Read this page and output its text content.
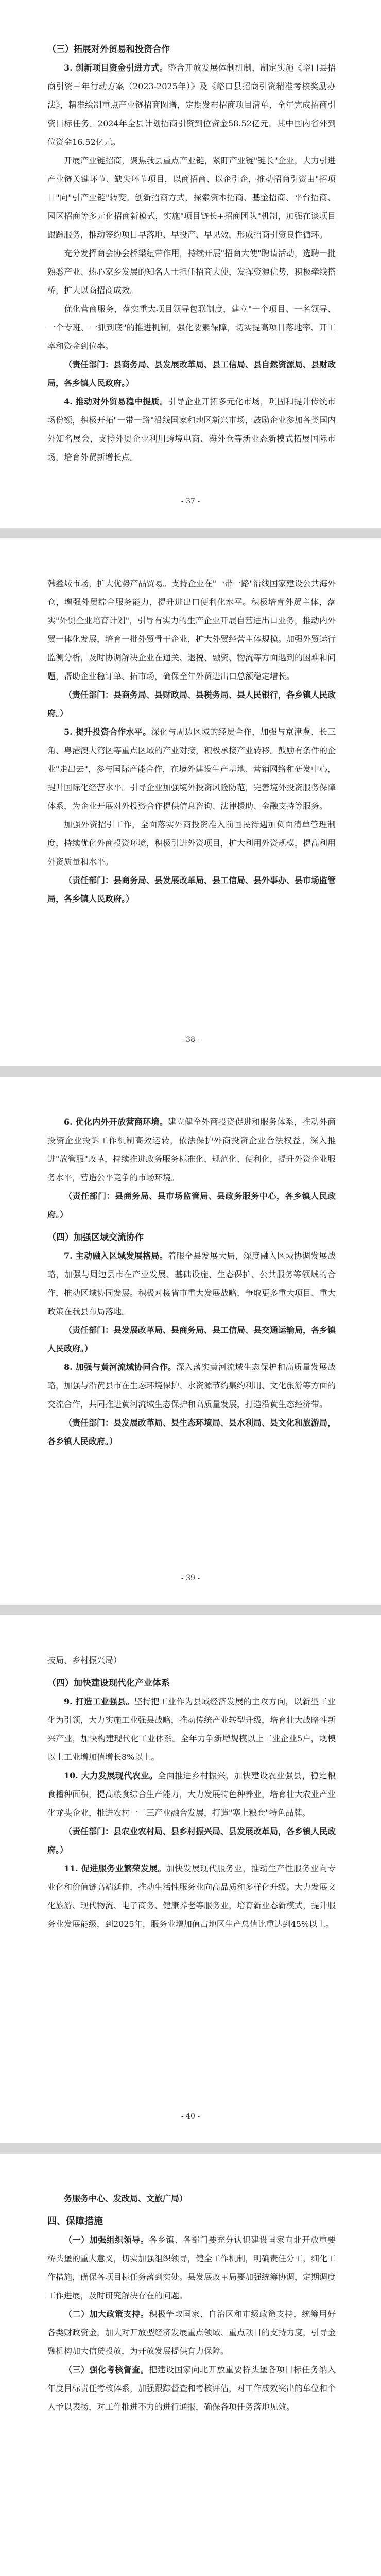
（三）拓展对外贸易和投资合作

3. 创新项目资金引进方式。整合开放发展体制机制，制定实施《峪口县招商引资三年行动方案（2023-2025年）》及《峪口县招商引资精准考核奖励办法》，精准绘制重点产业链招商图谱，定期发布招商项目清单，全年完成招商引资目标任务。2024年全县计划招商引资到位资金58.52亿元，其中国内省外到位资金16.52亿元。

开展产业链招商，聚焦我县重点产业链，紧盯产业链"链长"企业，大力引进产业链关键环节、缺失环节项目，以商招商、以企引企，推动招商引资由"招项目"向"引产业链"转变。创新招商方式，探索资本招商、基金招商、平台招商、园区招商等多元化招商新模式，实施"项目链长+招商团队"机制，加强在谈项目跟踪服务，推动签约项目早落地、早投产、早见效，形成招商引资良性循环。

充分发挥商会协会桥梁纽带作用，持续开展"招商大使"聘请活动，选聘一批熟悉产业、热心家乡发展的知名人士担任招商大使，发挥资源优势，积极牵线搭桥，扩大以商招商成效。

优化营商服务，落实重大项目领导包联制度，建立"一个项目、一名领导、一个专班、一抓到底"的推进机制，强化要素保障，切实提高项目落地率、开工率和资金到位率。

（责任部门：县商务局、县发展改革局、县工信局、县自然资源局、县财政局，各乡镇人民政府。）

4. 推动对外贸易稳中提质。引导企业开拓多元化市场，巩固和提升传统市场份额，积极开拓"一带一路"沿线国家和地区新兴市场，鼓励企业参加各类国内外知名展会，支持外贸企业利用跨境电商、海外仓等新业态新模式拓展国际市场，培育外贸新增长点。

- 37 -

韩鑫城市场，扩大优势产品贸易。支持企业在"一带一路"沿线国家建设公共海外仓，增强外贸综合服务能力，提升进出口便利化水平。积极培育外贸主体，落实"外贸企业培育计划"，引导有实力的生产企业开展自营进出口业务，推动内外贸一体化发展，培育一批外贸骨干企业，扩大外贸经营主体规模。加强外贸运行监测分析，及时协调解决企业在通关、退税、融资、物流等方面遇到的困难和问题，帮助企业稳订单、拓市场，确保全年外贸进出口总额稳定增长。

（责任部门：县商务局、县财政局、县税务局、县人民银行，各乡镇人民政府。）

5. 提升投资合作水平。深化与周边区域的经贸合作，加强与京津冀、长三角、粤港澳大湾区等重点区域的产业对接，积极承接产业转移。鼓励有条件的企业"走出去"，参与国际产能合作，在境外建设生产基地、营销网络和研发中心，提升国际化经营水平。引导企业加强境外投资风险防范，完善境外投资服务保障体系，为企业开展对外投资合作提供信息咨询、法律援助、金融支持等服务。

加强外资招引工作，全面落实外商投资准入前国民待遇加负面清单管理制度，持续优化外商投资环境，积极引进外资项目，扩大利用外资规模，提高利用外资质量和水平。

（责任部门：县商务局、县发展改革局、县工信局、县外事办、县市场监管局，各乡镇人民政府。）

- 38 -

6. 优化内外开放营商环境。建立健全外商投资促进和服务体系，推动外商投资企业投诉工作机制高效运转，依法保护外商投资企业合法权益。深入推进"放管服"改革，持续推进政务服务标准化、规范化、便利化，提升外资企业服务水平，营造公平竞争的市场环境。

（责任部门：县商务局、县市场监管局、县政务服务中心，各乡镇人民政府。）

（四）加强区域交流协作

7. 主动融入区域发展格局。着眼全县发展大局，深度融入区域协调发展战略，加强与周边县市在产业发展、基础设施、生态保护、公共服务等领域的合作，推动区域协同发展。积极对接省市重大发展战略，争取更多重大项目、重大政策在我县布局落地。

（责任部门：县发展改革局、县商务局、县工信局、县交通运输局，各乡镇人民政府。）

8. 加强与黄河流域协同合作。深入落实黄河流域生态保护和高质量发展战略，加强与沿黄县市在生态环境保护、水资源节约集约利用、文化旅游等方面的交流合作，共同推进黄河流域生态保护和高质量发展，打造沿黄生态经济带。

（责任部门：县发展改革局、县生态环境局、县水利局、县文化和旅游局，各乡镇人民政府。）

- 39 -

技局、乡村振兴局）

（四）加快建设现代化产业体系

9. 打造工业强县。坚持把工业作为县域经济发展的主攻方向，以新型工业化为引领，大力实施工业强县战略，推动传统产业转型升级，培育壮大战略性新兴产业，加快构建现代化工业体系。全年力争新增规模以上工业企业5户，规模以上工业增加值增长8%以上。

10. 大力发展现代农业。全面推进乡村振兴，加快建设农业强县，稳定粮食播种面积，提高粮食综合生产能力，大力发展特色种养业，培育壮大农业产业化龙头企业，推进农村一二三产业融合发展，打造"塞上粮仓"特色品牌。

（责任部门：县农业农村局、县乡村振兴局、县发展改革局，各乡镇人民政府。）

11. 促进服务业繁荣发展。加快发展现代服务业，推动生产性服务业向专业化和价值链高端延伸，推动生活性服务业向高品质和多样化升级。大力发展文化旅游、现代物流、电子商务、健康养老等服务业，培育新业态新模式，提升服务业发展能级，到2025年，服务业增加值占地区生产总值比重达到45%以上。

- 40 -

务服务中心、发改局、文旅广局）

四、保障措施

（一）加强组织领导。各乡镇、各部门要充分认识建设国家向北开放重要桥头堡的重大意义，切实加强组织领导，健全工作机制，明确责任分工，细化工作措施，确保各项目标任务落到实处。县发展改革局要加强统筹协调，定期调度工作进展，及时研究解决存在的问题。

（二）加大政策支持。积极争取国家、自治区和市级政策支持，统筹用好各类财政资金，加大对开放型经济发展重点领域、重点项目的支持力度，引导金融机构加大信贷投放，为开放发展提供有力保障。

（三）强化考核督查。把建设国家向北开放重要桥头堡各项目标任务纳入年度目标责任考核体系，加强跟踪督查和考核评估，对工作成效突出的单位和个人予以表扬，对工作推进不力的进行通报，确保各项任务落地见效。
